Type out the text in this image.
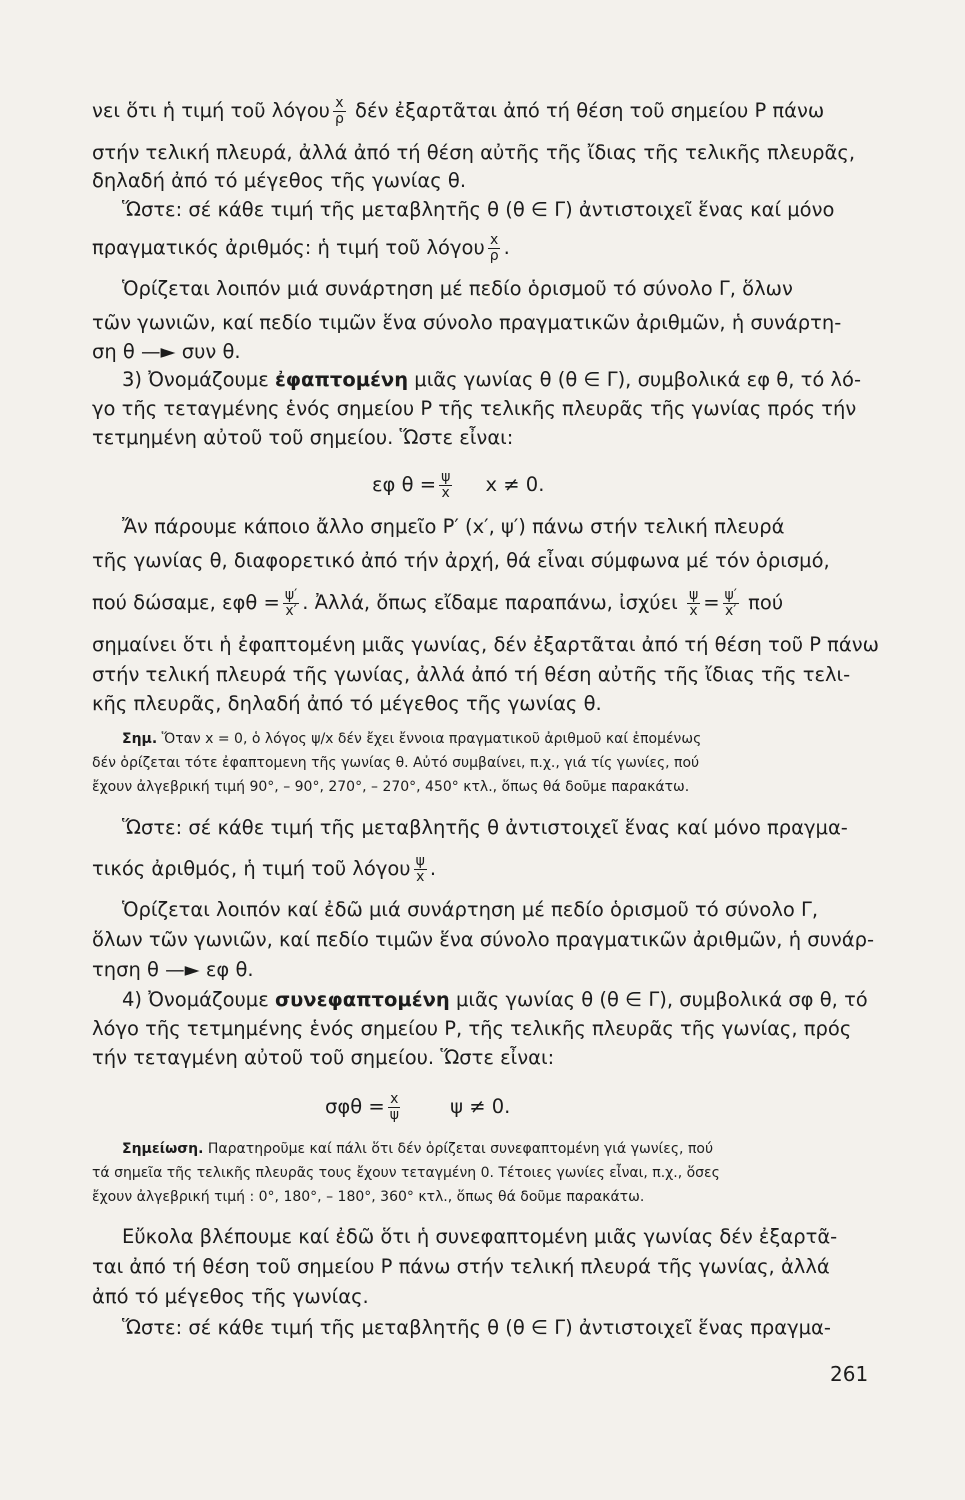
νει ὅτι ἡ τιμή τοῦ λόγου $\frac{x}{\rho}$ δέν ἐξαρτᾶται ἀπό τή θέση τοῦ σημείου Ρ πάνω
στήν τελική πλευρά, ἀλλά ἀπό τή θέση αὐτῆς τῆς ἴδιας τῆς τελικῆς πλευρᾶς,
δηλαδή ἀπό τό μέγεθος τῆς γωνίας θ.
Ὥστε: σέ κάθε τιμή τῆς μεταβλητῆς θ (θ ∈ Γ) ἀντιστοιχεῖ ἕνας καί μόνο
πραγματικός ἀριθμός: ἡ τιμή τοῦ λόγου $\frac{x}{\rho}$ .
Ὁρίζεται λοιπόν μιά συνάρτηση μέ πεδίο ὁρισμοῦ τό σύνολο Γ, ὅλων
τῶν γωνιῶν, καί πεδίο τιμῶν ἕνα σύνολο πραγματικῶν ἀριθμῶν, ἡ συνάρτη-
ση θ —► συν θ.
3) Ὀνομάζουμε ἐφαπτομένη μιᾶς γωνίας θ (θ ∈ Γ), συμβολικά εφ θ, τό λό-
γο τῆς τεταγμένης ἑνός σημείου Ρ τῆς τελικῆς πλευρᾶς τῆς γωνίας πρός τήν
τετμημένη αὐτοῦ τοῦ σημείου. Ὥστε εἶναι:
εφ $\theta = \frac{\psi}{x}$ x ≠ 0.
Ἄν πάρουμε κάποιο ἄλλο σημεῖο Ρ′ (x′, ψ′) πάνω στήν τελική πλευρά
τῆς γωνίας θ, διαφορετικό ἀπό τήν ἀρχή, θά εἶναι σύμφωνα μέ τόν ὁρισμό,
πού δώσαμε, $\varepsilon\varphi\theta = \frac{\psi'}{x'}$ . Ἀλλά, ὅπως εἴδαμε παραπάνω, ἰσχύει $\frac{\psi}{x} = \frac{\psi'}{x'}$ πού
σημαίνει ὅτι ἡ ἐφαπτομένη μιᾶς γωνίας, δέν ἐξαρτᾶται ἀπό τή θέση τοῦ Ρ πάνω
στήν τελική πλευρά τῆς γωνίας, ἀλλά ἀπό τή θέση αὐτῆς τῆς ἴδιας τῆς τελι-
κῆς πλευρᾶς, δηλαδή ἀπό τό μέγεθος τῆς γωνίας θ.
Σημ. Ὅταν x = 0, ὁ λόγος ψ/x δέν ἔχει ἔννοια πραγματικοῦ ἀριθμοῦ καί ἑπομένως
δέν ὁρίζεται τότε ἐφαπτομενη τῆς γωνίας θ. Αὐτό συμβαίνει, π.χ., γιά τίς γωνίες, πού
ἔχουν ἀλγεβρική τιμή 90°, – 90°, 270°, – 270°, 450° κτλ., ὅπως θά δοῦμε παρακάτω.
Ὥστε: σέ κάθε τιμή τῆς μεταβλητῆς θ ἀντιστοιχεῖ ἕνας καί μόνο πραγμα-
τικός ἀριθμός, ἡ τιμή τοῦ λόγου $\frac{\psi}{x}$ .
Ὁρίζεται λοιπόν καί ἐδῶ μιά συνάρτηση μέ πεδίο ὁρισμοῦ τό σύνολο Γ,
ὅλων τῶν γωνιῶν, καί πεδίο τιμῶν ἕνα σύνολο πραγματικῶν ἀριθμῶν, ἡ συνάρ-
τηση θ —► εφ θ.
4) Ὀνομάζουμε συνεφαπτομένη μιᾶς γωνίας θ (θ ∈ Γ), συμβολικά σφ θ, τό
λόγο τῆς τετμημένης ἑνός σημείου Ρ, τῆς τελικῆς πλευρᾶς τῆς γωνίας, πρός
τήν τεταγμένη αὐτοῦ τοῦ σημείου. Ὥστε εἶναι:
$\sigma\varphi\theta = \frac{x}{\psi}$	ψ ≠ 0.
Σημείωση. Παρατηροῦμε καί πάλι ὅτι δέν ὁρίζεται συνεφαπτομένη γιά γωνίες, πού
τά σημεῖα τῆς τελικῆς πλευρᾶς τους ἔχουν τεταγμένη 0. Τέτοιες γωνίες εἶναι, π.χ., ὅσες
ἔχουν ἀλγεβρική τιμή : 0°, 180°, – 180°, 360° κτλ., ὅπως θά δοῦμε παρακάτω.
Εὔκολα βλέπουμε καί ἐδῶ ὅτι ἡ συνεφαπτομένη μιᾶς γωνίας δέν ἐξαρτᾶ-
ται ἀπό τή θέση τοῦ σημείου Ρ πάνω στήν τελική πλευρά τῆς γωνίας, ἀλλά
ἀπό τό μέγεθος τῆς γωνίας.
Ὥστε: σέ κάθε τιμή τῆς μεταβλητῆς θ (θ ∈ Γ) ἀντιστοιχεῖ ἕνας πραγμα-
261
